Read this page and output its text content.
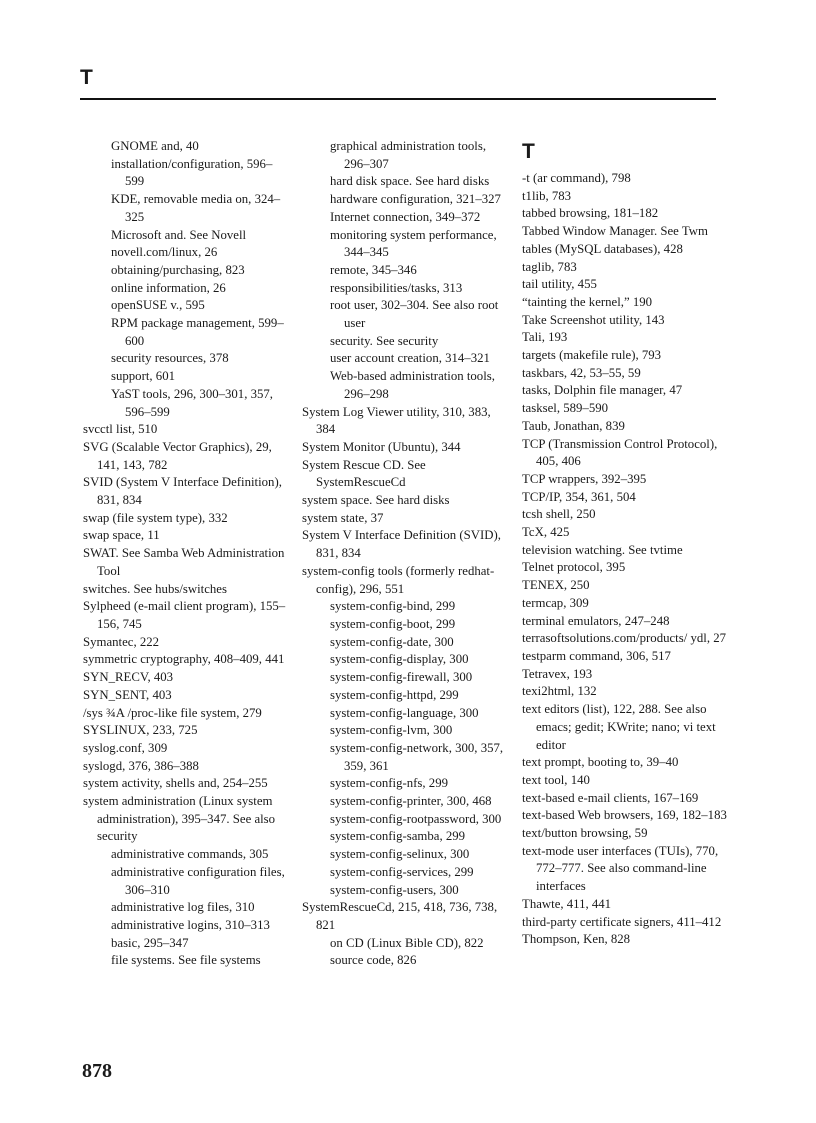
T
GNOME and, 40
installation/configuration, 596–599
KDE, removable media on, 324–325
Microsoft and. See Novell
novell.com/linux, 26
obtaining/purchasing, 823
online information, 26
openSUSE v., 595
RPM package management, 599–600
security resources, 378
support, 601
YaST tools, 296, 300–301, 357, 596–599
svcctl list, 510
SVG (Scalable Vector Graphics), 29, 141, 143, 782
SVID (System V Interface Definition), 831, 834
swap (file system type), 332
swap space, 11
SWAT. See Samba Web Administration Tool
switches. See hubs/switches
Sylpheed (e-mail client program), 155–156, 745
Symantec, 222
symmetric cryptography, 408–409, 441
SYN_RECV, 403
SYN_SENT, 403
/sys ¾A /proc-like file system, 279
SYSLINUX, 233, 725
syslog.conf, 309
syslogd, 376, 386–388
system activity, shells and, 254–255
system administration (Linux system administration), 395–347. See also security
administrative commands, 305
administrative configuration files, 306–310
administrative log files, 310
administrative logins, 310–313
basic, 295–347
file systems. See file systems
graphical administration tools, 296–307
hard disk space. See hard disks
hardware configuration, 321–327
Internet connection, 349–372
monitoring system performance, 344–345
remote, 345–346
responsibilities/tasks, 313
root user, 302–304. See also root user
security. See security
user account creation, 314–321
Web-based administration tools, 296–298
System Log Viewer utility, 310, 383, 384
System Monitor (Ubuntu), 344
System Rescue CD. See SystemRescueCd
system space. See hard disks
system state, 37
System V Interface Definition (SVID), 831, 834
system-config tools (formerly redhat-config), 296, 551
system-config-bind, 299
system-config-boot, 299
system-config-date, 300
system-config-display, 300
system-config-firewall, 300
system-config-httpd, 299
system-config-language, 300
system-config-lvm, 300
system-config-network, 300, 357, 359, 361
system-config-nfs, 299
system-config-printer, 300, 468
system-config-rootpassword, 300
system-config-samba, 299
system-config-selinux, 300
system-config-services, 299
system-config-users, 300
SystemRescueCd, 215, 418, 736, 738, 821
on CD (Linux Bible CD), 822
source code, 826
T
-t (ar command), 798
t1lib, 783
tabbed browsing, 181–182
Tabbed Window Manager. See Twm
tables (MySQL databases), 428
taglib, 783
tail utility, 455
“tainting the kernel,” 190
Take Screenshot utility, 143
Tali, 193
targets (makefile rule), 793
taskbars, 42, 53–55, 59
tasks, Dolphin file manager, 47
tasksel, 589–590
Taub, Jonathan, 839
TCP (Transmission Control Protocol), 405, 406
TCP wrappers, 392–395
TCP/IP, 354, 361, 504
tcsh shell, 250
TcX, 425
television watching. See tvtime
Telnet protocol, 395
TENEX, 250
termcap, 309
terminal emulators, 247–248
terrasoftsolutions.com/products/ ydl, 27
testparm command, 306, 517
Tetravex, 193
texi2html, 132
text editors (list), 122, 288. See also emacs; gedit; KWrite; nano; vi text editor
text prompt, booting to, 39–40
text tool, 140
text-based e-mail clients, 167–169
text-based Web browsers, 169, 182–183
text/button browsing, 59
text-mode user interfaces (TUIs), 770, 772–777. See also command-line interfaces
Thawte, 411, 441
third-party certificate signers, 411–412
Thompson, Ken, 828
878
